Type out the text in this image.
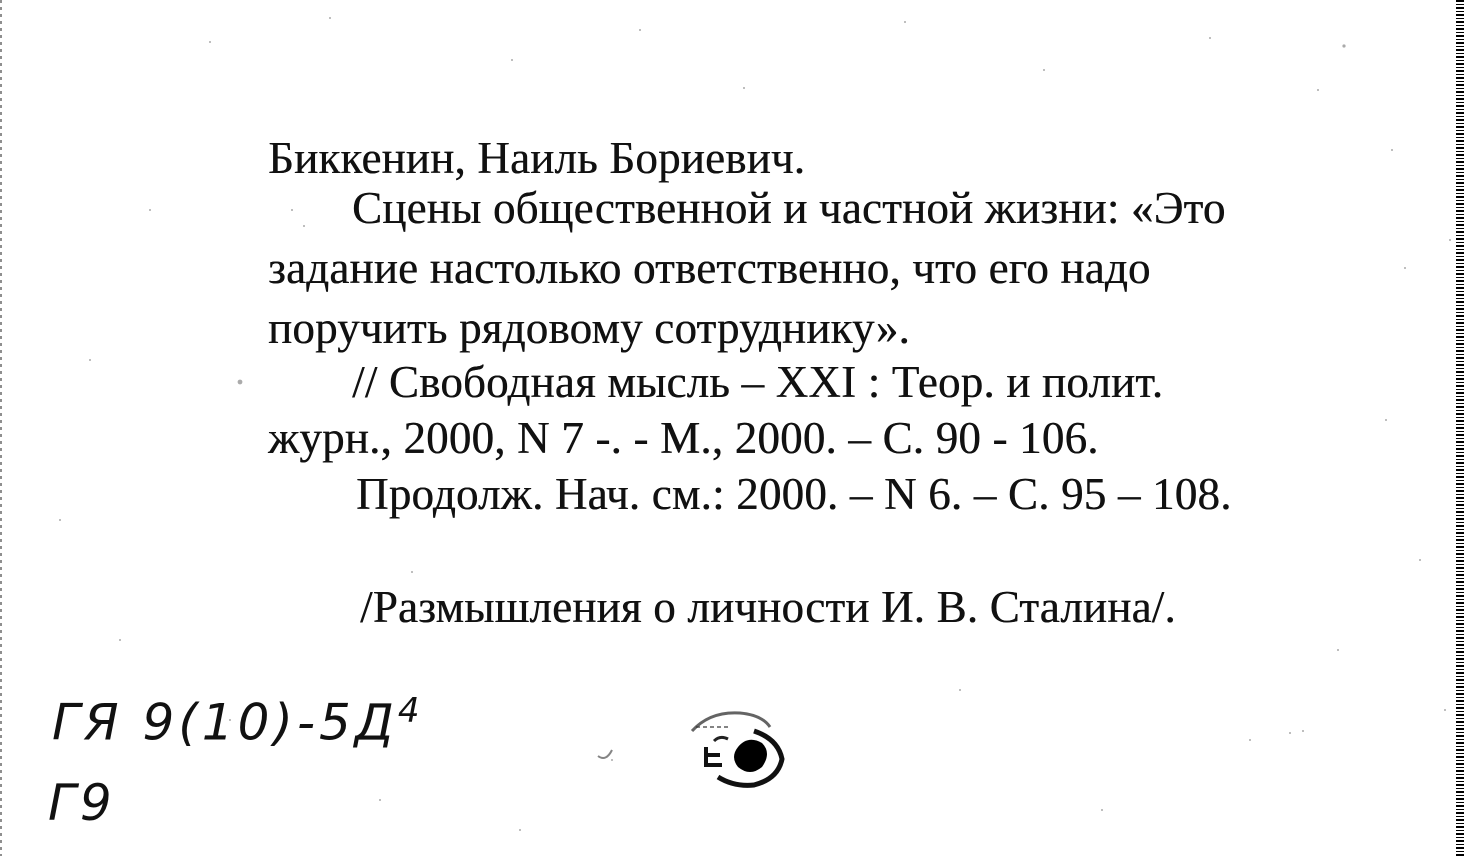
Биккенин, Наиль Бориевич.
Сцены общественной и частной жизни: «Это
задание настолько ответственно, что его надо
поручить рядовому сотруднику».
// Свободная мысль – XXI : Теор. и полит.
журн., 2000, N 7 -. - М., 2000. – С. 90 - 106.
Продолж. Нач. см.: 2000. – N 6. – С. 95 – 108.
/Размышления о личности И. В. Сталина/.
ГЯ $9(10)-5Д^4$
Г9
